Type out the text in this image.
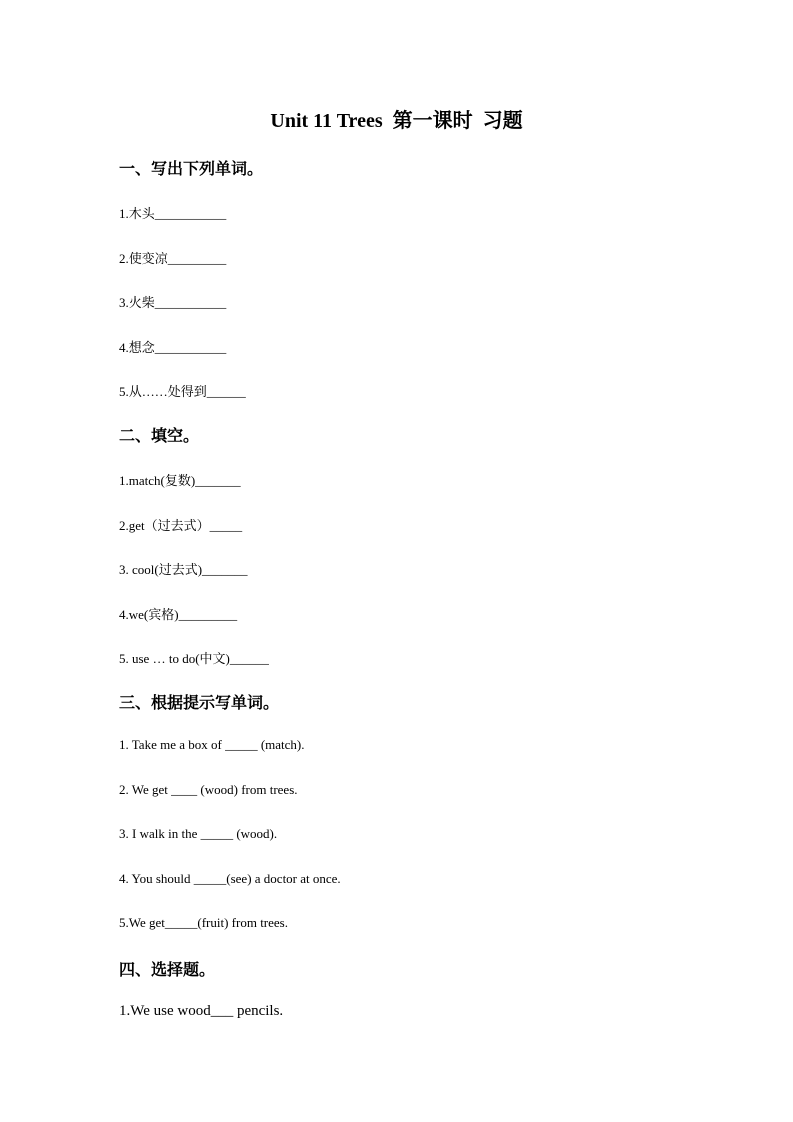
Unit 11 Trees  第一课时  习题
一、写出下列单词。
1.木头___________
2.使变凉_________
3.火柴___________
4.想念___________
5.从……处得到______
二、填空。
1.match(复数)_______
2.get（过去式）_____
3. cool(过去式)_______
4.we(宾格)_________
5. use … to do(中文)______
三、根据提示写单词。
1. Take me a box of _____ (match).
2. We get ____ (wood) from trees.
3. I walk in the _____ (wood).
4. You should _____(see) a doctor at once.
5.We get_____(fruit) from trees.
四、选择题。
1.We use wood___ pencils.
